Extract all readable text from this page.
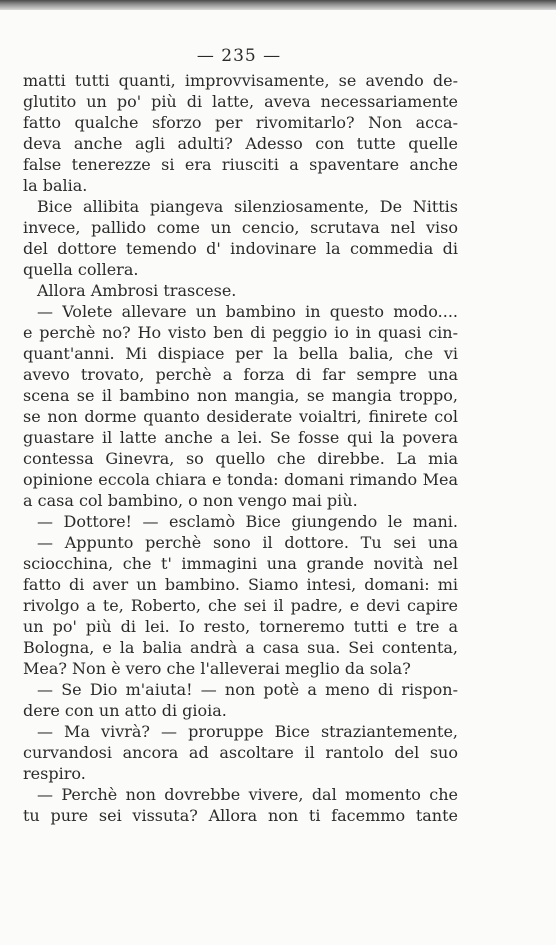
— 235 —
matti tutti quanti, improvvisamente, se avendo de-
glutito un po' più di latte, aveva necessariamente
fatto qualche sforzo per rivomitarlo? Non acca-
deva anche agli adulti? Adesso con tutte quelle
false tenerezze si era riusciti a spaventare anche
la balia.
Bice allibita piangeva silenziosamente, De Nittis
invece, pallido come un cencio, scrutava nel viso
del dottore temendo d' indovinare la commedia di
quella collera.
Allora Ambrosi trascese.
— Volete allevare un bambino in questo modo....
e perchè no? Ho visto ben di peggio io in quasi cin-
quant'anni. Mi dispiace per la bella balia, che vi
avevo trovato, perchè a forza di far sempre una
scena se il bambino non mangia, se mangia troppo,
se non dorme quanto desiderate voialtri, finirete col
guastare il latte anche a lei. Se fosse qui la povera
contessa Ginevra, so quello che direbbe. La mia
opinione eccola chiara e tonda: domani rimando Mea
a casa col bambino, o non vengo mai più.
— Dottore! — esclamò Bice giungendo le mani.
— Appunto perchè sono il dottore. Tu sei una
sciocchina, che t' immagini una grande novità nel
fatto di aver un bambino. Siamo intesi, domani: mi
rivolgo a te, Roberto, che sei il padre, e devi capire
un po' più di lei. Io resto, torneremo tutti e tre a
Bologna, e la balia andrà a casa sua. Sei contenta,
Mea? Non è vero che l'alleverai meglio da sola?
— Se Dio m'aiuta! — non potè a meno di rispon-
dere con un atto di gioia.
— Ma vivrà? — proruppe Bice straziantemente,
curvandosi ancora ad ascoltare il rantolo del suo
respiro.
— Perchè non dovrebbe vivere, dal momento che
tu pure sei vissuta? Allora non ti facemmo tante
